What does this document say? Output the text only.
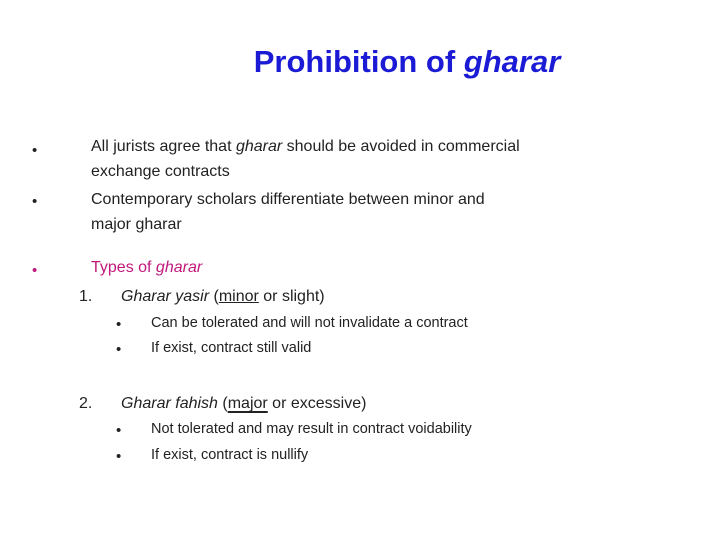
Prohibition of gharar
•	All jurists agree that gharar should be avoided in commercial
exchange contracts
•	Contemporary scholars differentiate between minor and
major gharar
•	Types of gharar
1. Gharar yasir (minor or slight)
• Can be tolerated and will not invalidate a contract
• If exist, contract still valid
2. Gharar fahish (major or excessive)
• Not tolerated and may result in contract voidability
• If exist, contract is nullify
